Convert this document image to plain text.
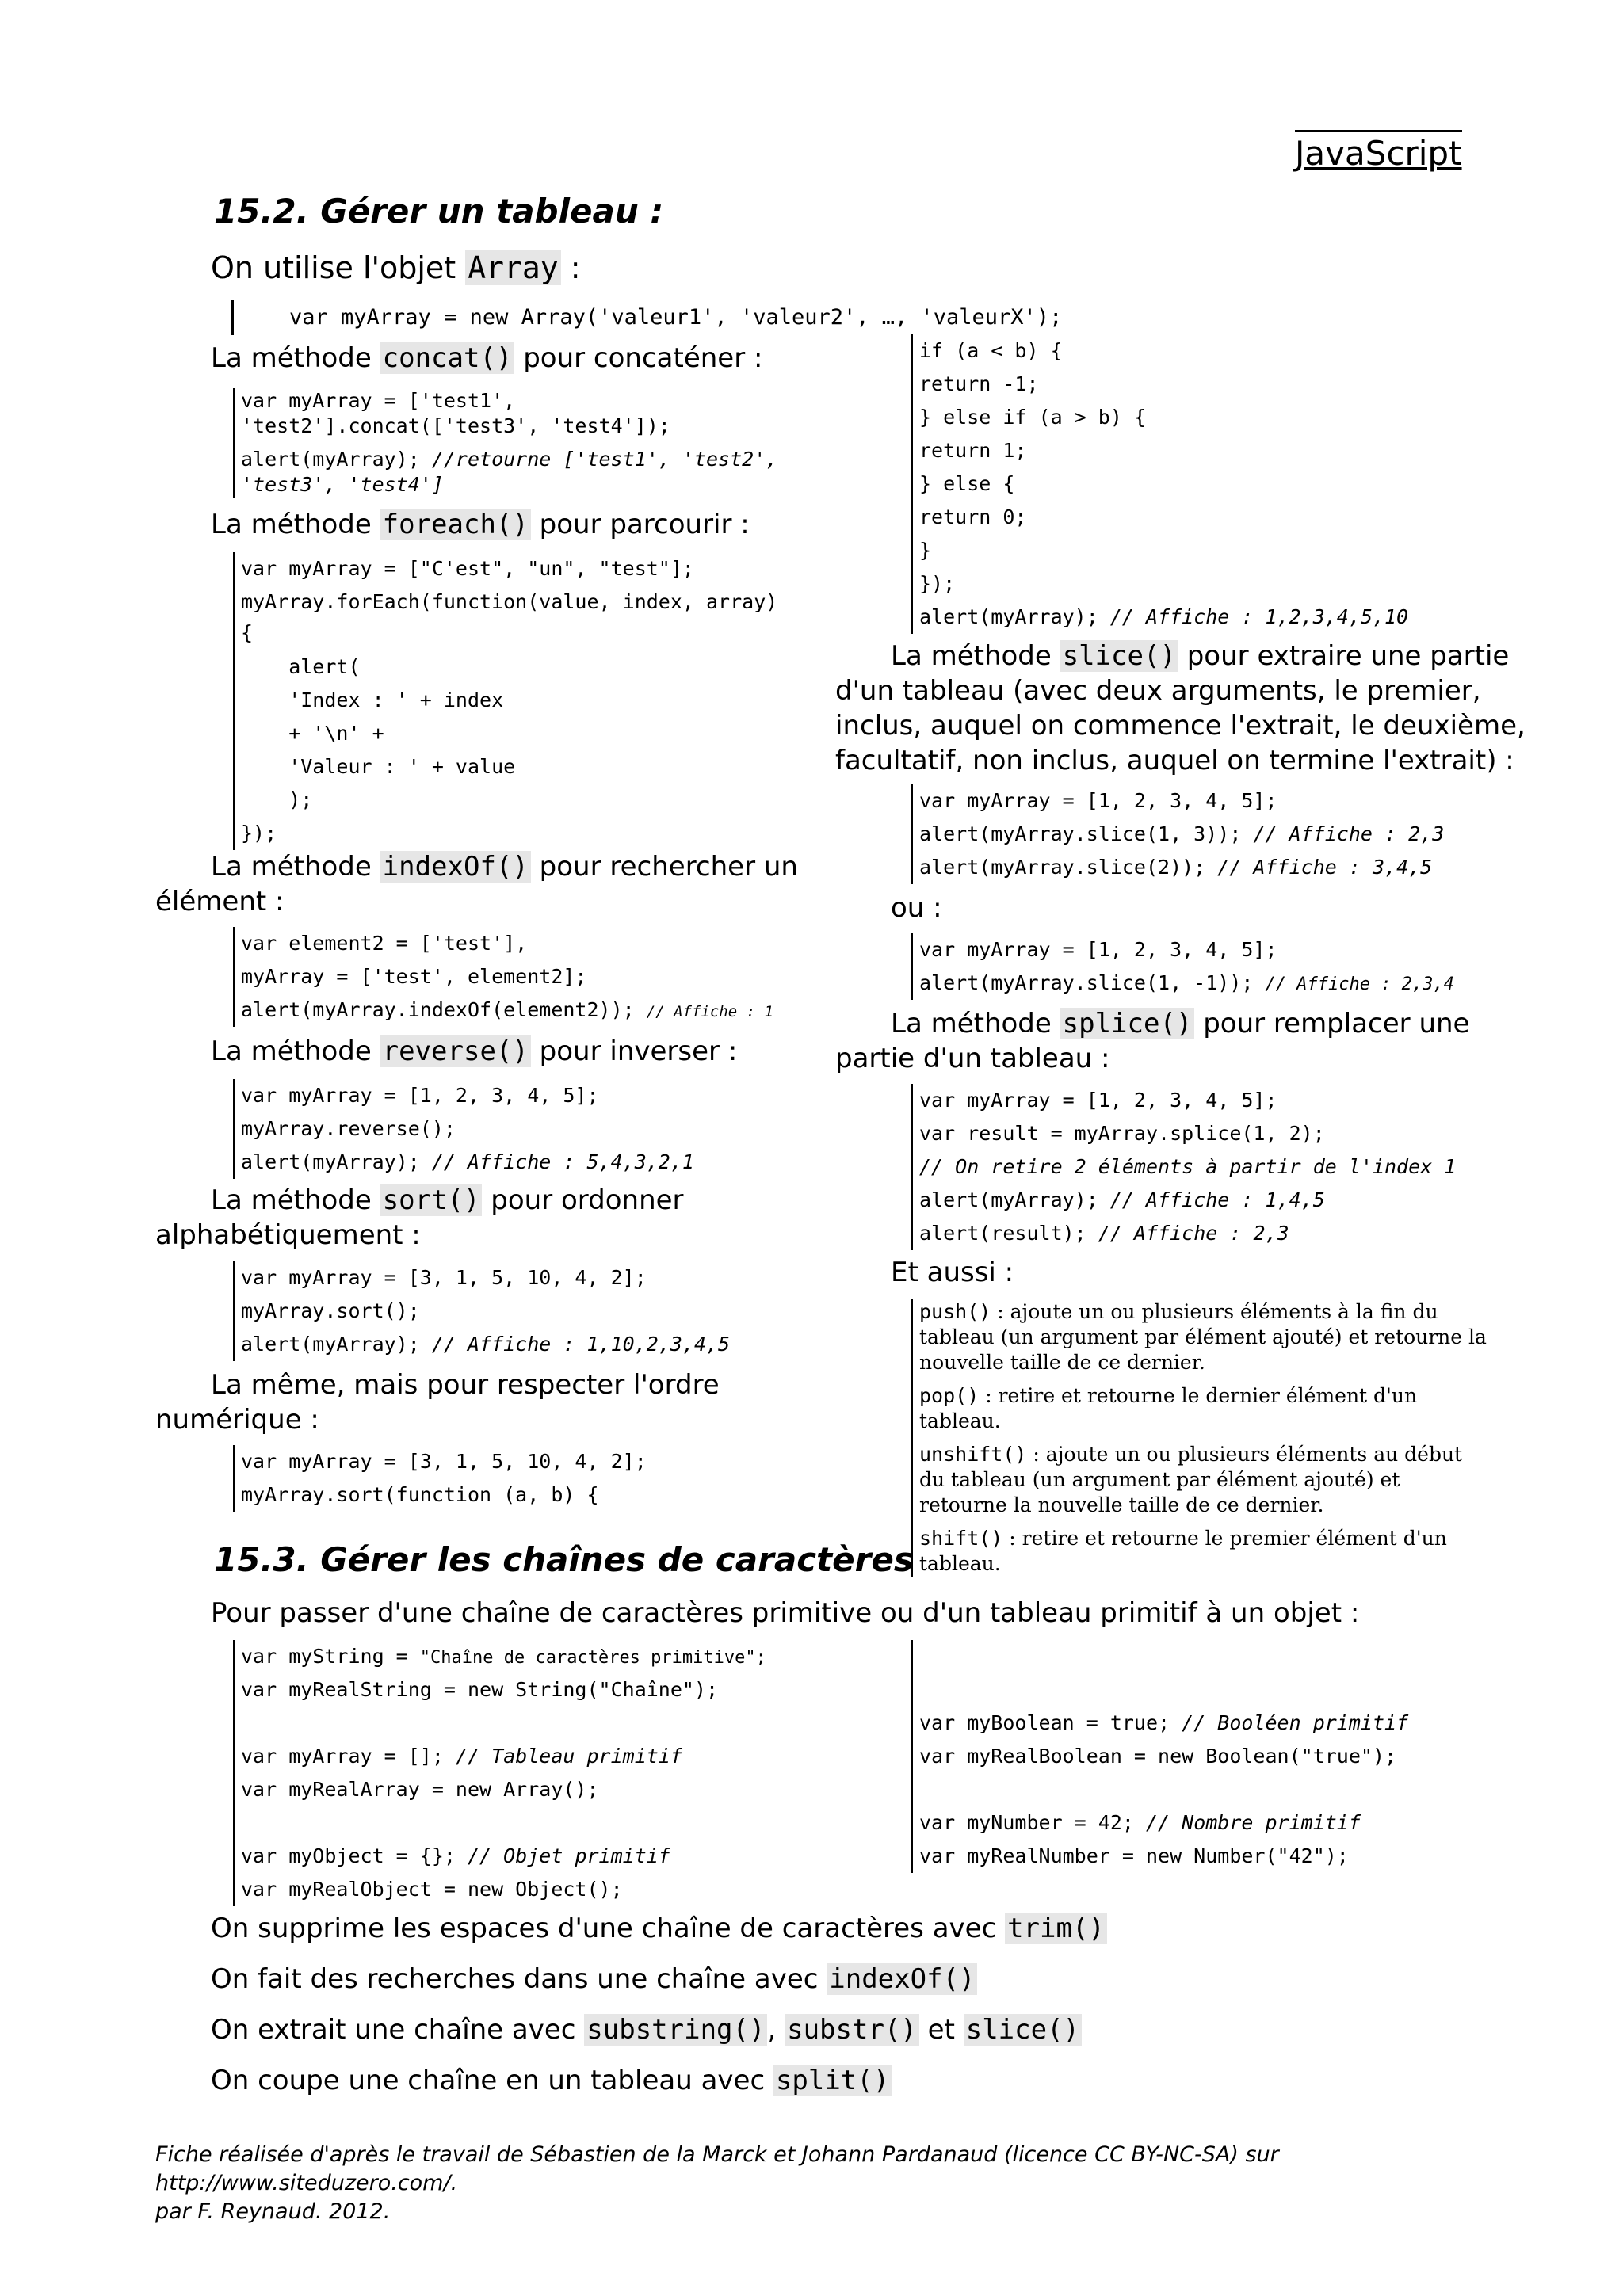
JavaScript
15.2. Gérer un tableau :
On utilise l'objet Array :
var myArray = new Array('valeur1', 'valeur2', …, 'valeurX');
La méthode concat() pour concaténer :
var myArray = ['test1',
'test2'].concat(['test3', 'test4']);
alert(myArray); //retourne ['test1', 'test2',
'test3', 'test4']
La méthode foreach() pour parcourir :
var myArray = ["C'est", "un", "test"];
myArray.forEach(function(value, index, array)
{
alert(
'Index : ' + index
+ '\n' +
'Valeur : ' + value
);
});
La méthode indexOf() pour rechercher un
élément :
var element2 = ['test'],
myArray = ['test', element2];
alert(myArray.indexOf(element2)); // Affiche : 1
La méthode reverse() pour inverser :
var myArray = [1, 2, 3, 4, 5];
myArray.reverse();
alert(myArray); // Affiche : 5,4,3,2,1
La méthode sort() pour ordonner
alphabétiquement :
var myArray = [3, 1, 5, 10, 4, 2];
myArray.sort();
alert(myArray); // Affiche : 1,10,2,3,4,5
La même, mais pour respecter l'ordre
numérique :
var myArray = [3, 1, 5, 10, 4, 2];
myArray.sort(function (a, b) {
if (a < b) {
return -1;
} else if (a > b) {
return 1;
} else {
return 0;
}
});
alert(myArray); // Affiche : 1,2,3,4,5,10
La méthode slice() pour extraire une partie
d'un tableau (avec deux arguments, le premier,
inclus, auquel on commence l'extrait, le deuxième,
facultatif, non inclus, auquel on termine l'extrait) :
var myArray = [1, 2, 3, 4, 5];
alert(myArray.slice(1, 3)); // Affiche : 2,3
alert(myArray.slice(2)); // Affiche : 3,4,5
ou :
var myArray = [1, 2, 3, 4, 5];
alert(myArray.slice(1, -1)); // Affiche : 2,3,4
La méthode splice() pour remplacer une
partie d'un tableau :
var myArray = [1, 2, 3, 4, 5];
var result = myArray.splice(1, 2);
// On retire 2 éléments à partir de l'index 1
alert(myArray); // Affiche : 1,4,5
alert(result); // Affiche : 2,3
Et aussi :
push() : ajoute un ou plusieurs éléments à la fin du tableau (un argument par élément ajouté) et retourne la nouvelle taille de ce dernier.
pop() : retire et retourne le dernier élément d'un tableau.
unshift() : ajoute un ou plusieurs éléments au début du tableau (un argument par élément ajouté) et retourne la nouvelle taille de ce dernier.
shift() : retire et retourne le premier élément d'un tableau.
15.3. Gérer les chaînes de caractères
Pour passer d'une chaîne de caractères primitive ou d'un tableau primitif à un objet :
var myString = "Chaîne de caractères primitive";
var myRealString = new String("Chaîne");
var myArray = []; // Tableau primitif
var myRealArray = new Array();
var myObject = {}; // Objet primitif
var myRealObject = new Object();
var myBoolean = true; // Booléen primitif
var myRealBoolean = new Boolean("true");
var myNumber = 42; // Nombre primitif
var myRealNumber = new Number("42");
On supprime les espaces d'une chaîne de caractères avec trim()
On fait des recherches dans une chaîne avec indexOf()
On extrait une chaîne avec substring(), substr() et slice()
On coupe une chaîne en un tableau avec split()
Fiche réalisée d'après le travail de Sébastien de la Marck et Johann Pardanaud (licence CC BY-NC-SA) sur http://www.siteduzero.com/.
par F. Reynaud. 2012.
